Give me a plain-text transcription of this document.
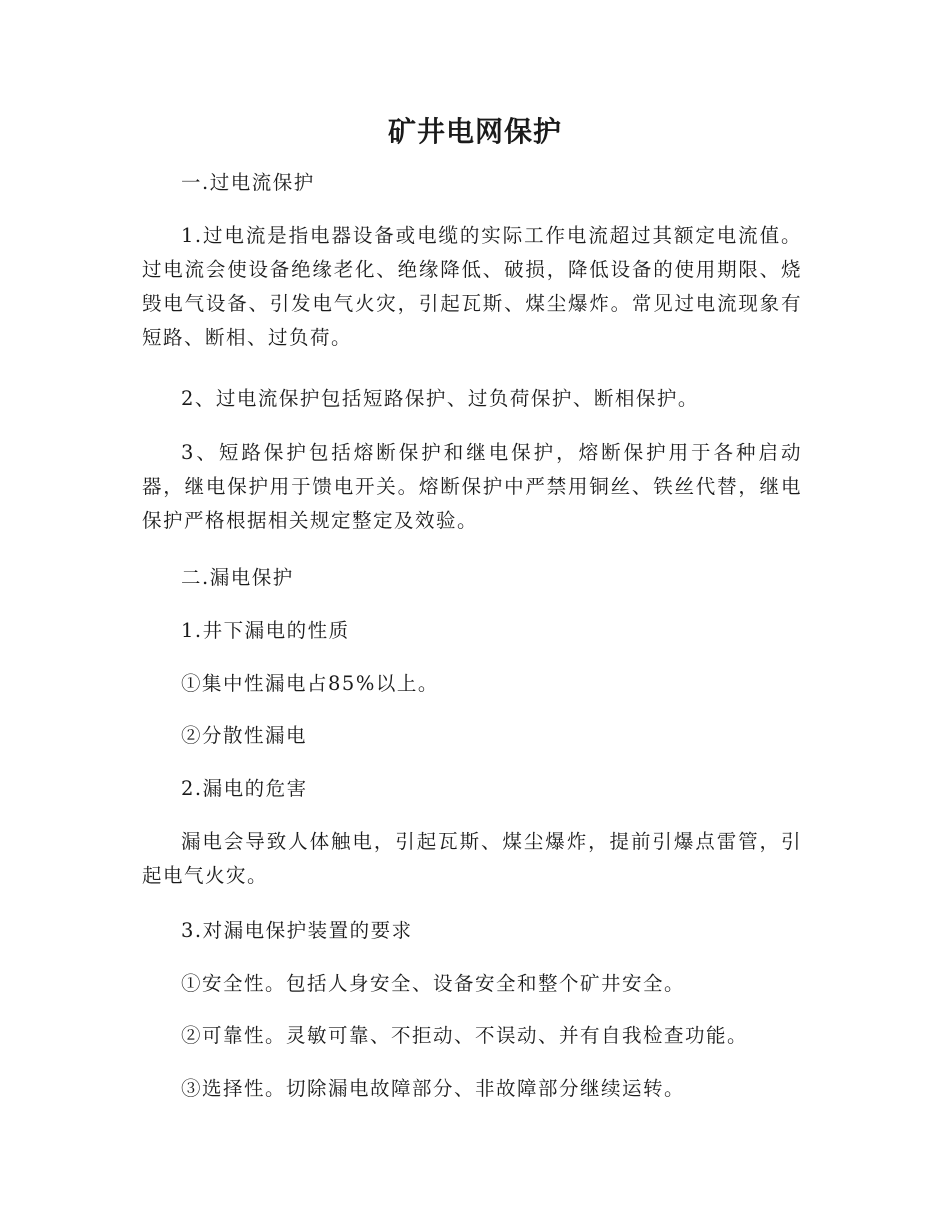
矿井电网保护

一.过电流保护

1.过电流是指电器设备或电缆的实际工作电流超过其额定电流值。过电流会使设备绝缘老化、绝缘降低、破损，降低设备的使用期限、烧毁电气设备、引发电气火灾，引起瓦斯、煤尘爆炸。常见过电流现象有短路、断相、过负荷。

2、过电流保护包括短路保护、过负荷保护、断相保护。

3、短路保护包括熔断保护和继电保护，熔断保护用于各种启动器，继电保护用于馈电开关。熔断保护中严禁用铜丝、铁丝代替，继电保护严格根据相关规定整定及效验。

二.漏电保护

1.井下漏电的性质

①集中性漏电占85%以上。

②分散性漏电

2.漏电的危害

漏电会导致人体触电，引起瓦斯、煤尘爆炸，提前引爆点雷管，引起电气火灾。

3.对漏电保护装置的要求

①安全性。包括人身安全、设备安全和整个矿井安全。

②可靠性。灵敏可靠、不拒动、不误动、并有自我检查功能。

③选择性。切除漏电故障部分、非故障部分继续运转。
